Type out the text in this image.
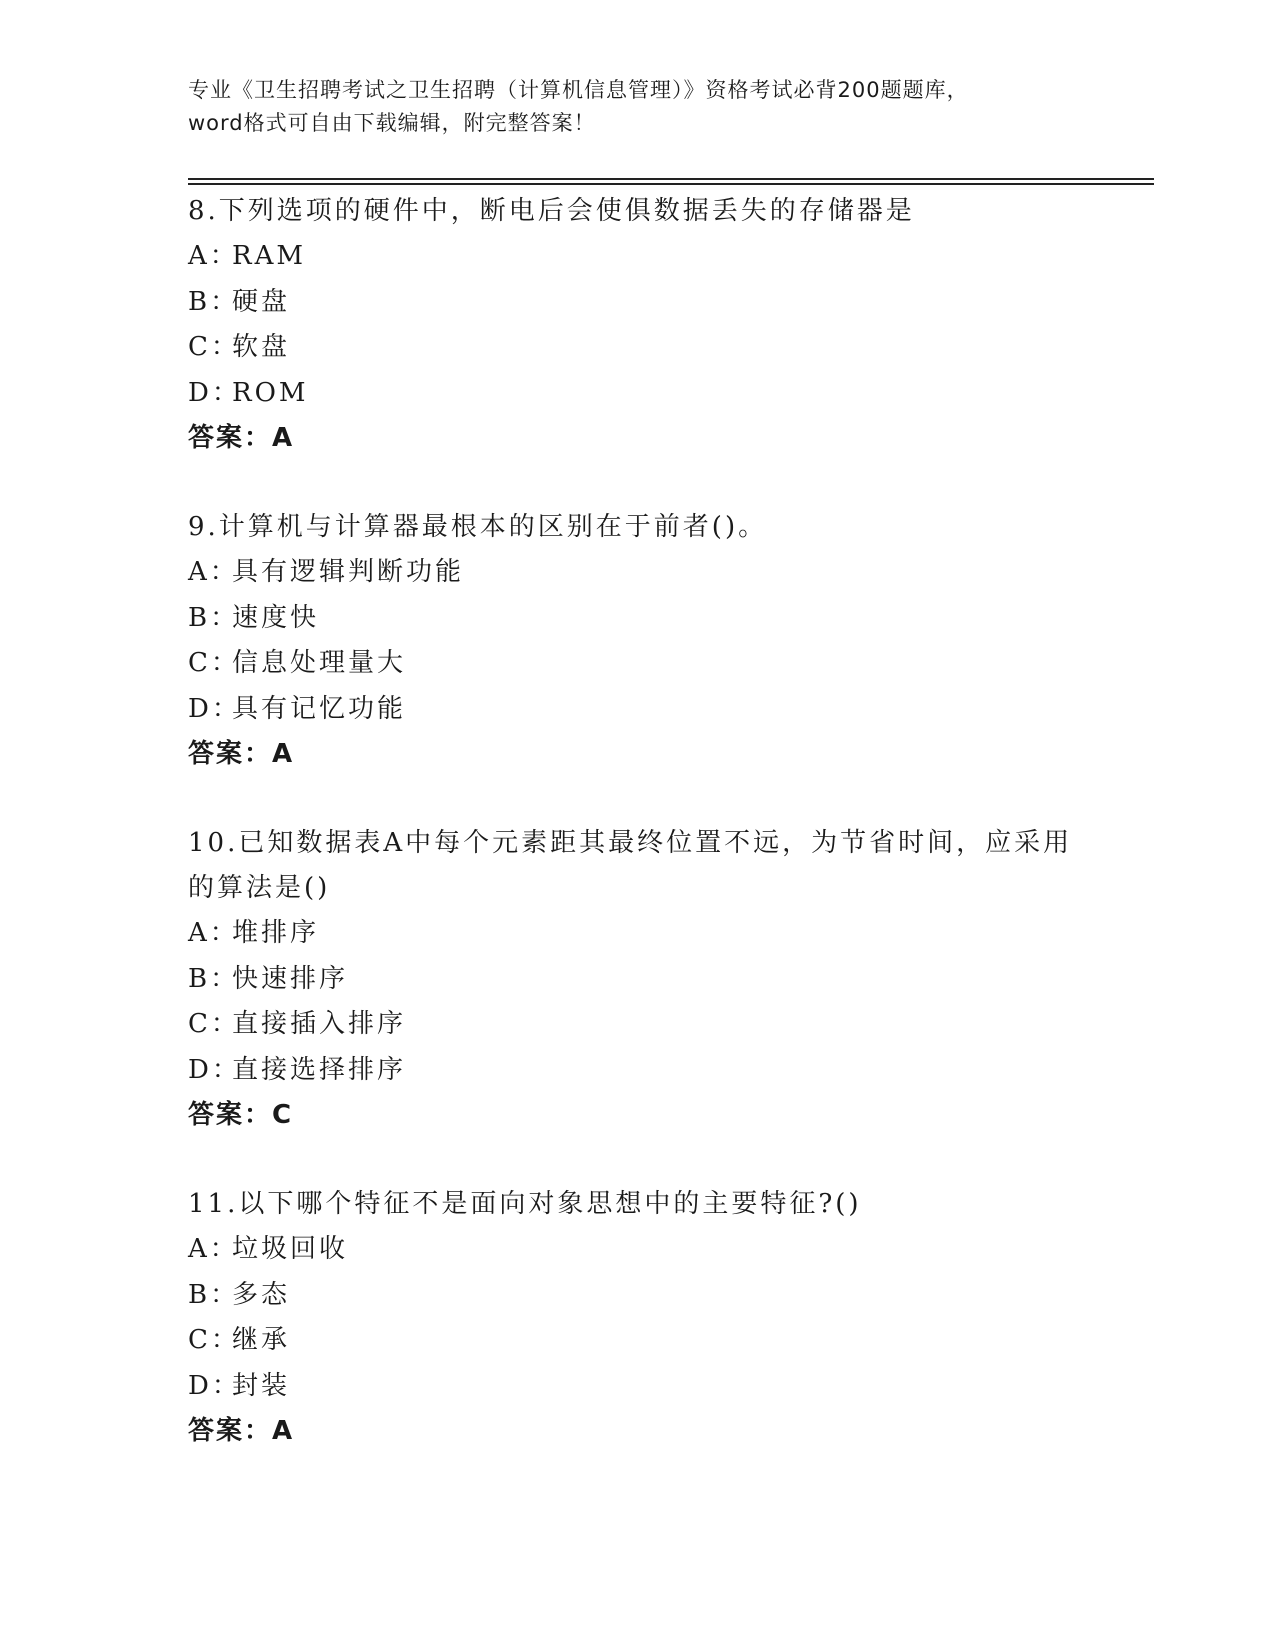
专业《卫生招聘考试之卫生招聘（计算机信息管理）》资格考试必背200题题库，
word格式可自由下载编辑，附完整答案！
8.下列选项的硬件中，断电后会使俱数据丢失的存储器是
A：RAM
B：硬盘
C：软盘
D：ROM
答案：A
9.计算机与计算器最根本的区别在于前者()。
A：具有逻辑判断功能
B：速度快
C：信息处理量大
D：具有记忆功能
答案：A
10.已知数据表A中每个元素距其最终位置不远，为节省时间，应采用
的算法是()
A：堆排序
B：快速排序
C：直接插入排序
D：直接选择排序
答案：C
11.以下哪个特征不是面向对象思想中的主要特征?()
A：垃圾回收
B：多态
C：继承
D：封装
答案：A
